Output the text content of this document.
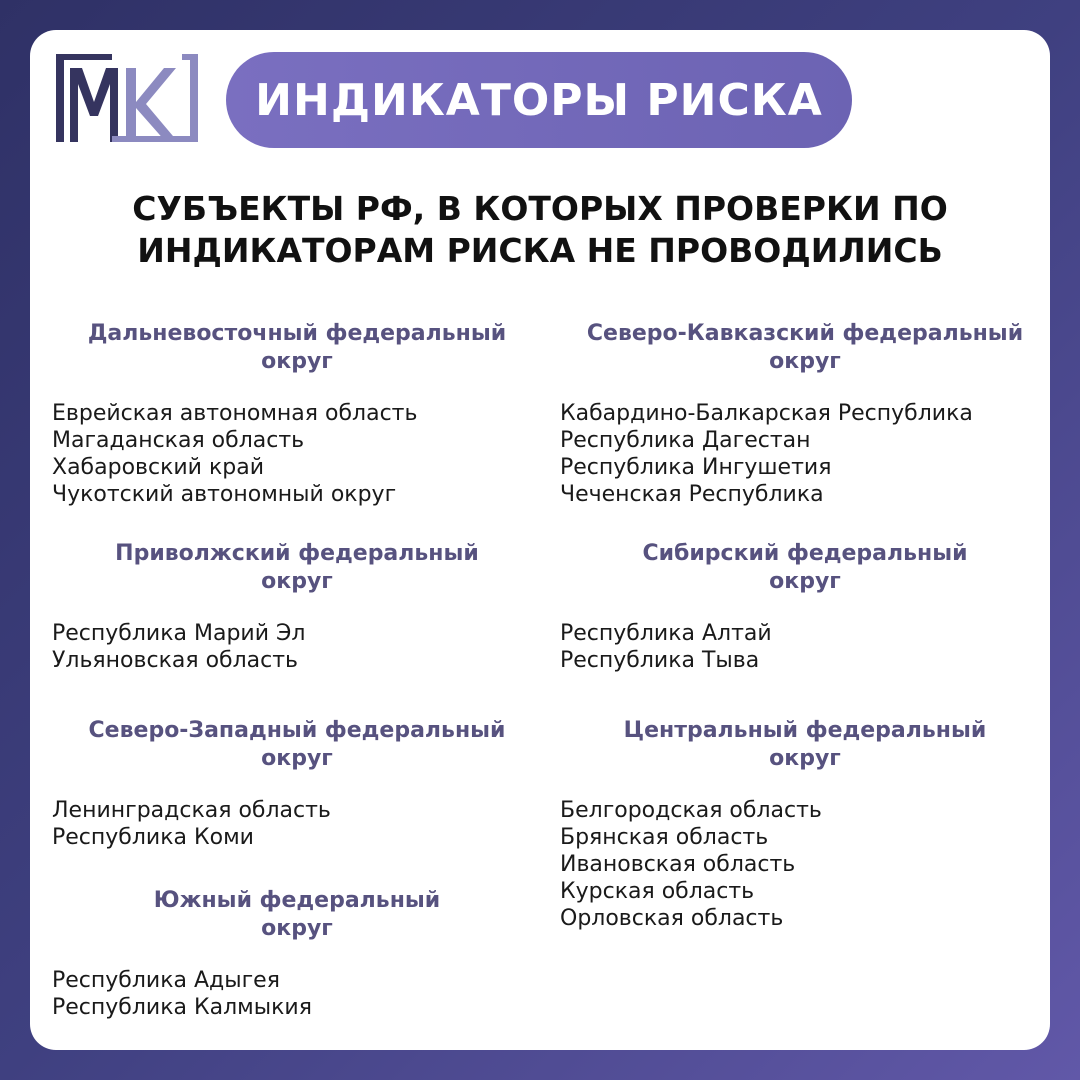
ИНДИКАТОРЫ РИСКА
СУБЪЕКТЫ РФ, В КОТОРЫХ ПРОВЕРКИ ПО
ИНДИКАТОРАМ РИСКА НЕ ПРОВОДИЛИСЬ
Дальневосточный федеральный
округ
Еврейская автономная область
Магаданская область
Хабаровский край
Чукотский автономный округ
Приволжский федеральный
округ
Республика Марий Эл
Ульяновская область
Северо-Западный федеральный
округ
Ленинградская область
Республика Коми
Южный федеральный
округ
Республика Адыгея
Республика Калмыкия
Северо-Кавказский федеральный
округ
Кабардино-Балкарская Республика
Республика Дагестан
Республика Ингушетия
Чеченская Республика
Сибирский федеральный
округ
Республика Алтай
Республика Тыва
Центральный федеральный
округ
Белгородская область
Брянская область
Ивановская область
Курская область
Орловская область
